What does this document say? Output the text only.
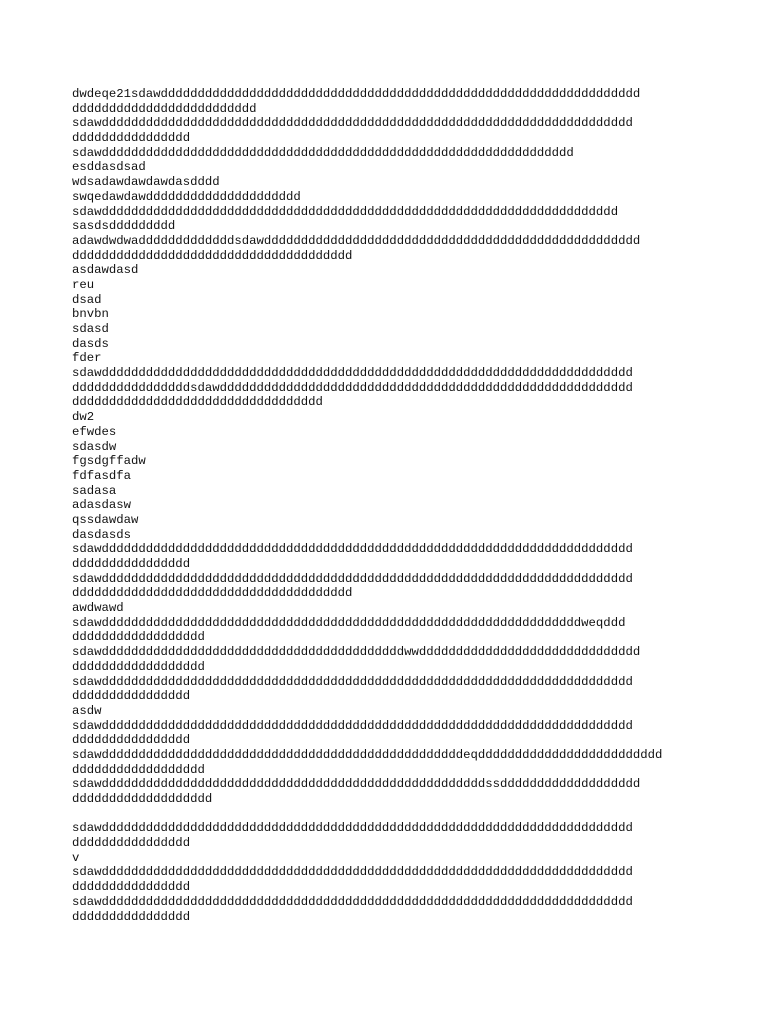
dwdeqe21sdawddddddddddddddddddddddddddddddddddddddddddddddddddddddddddddddddd
ddddddddddddddddddddddddd
sdawdddddddddddddddddddddddddddddddddddddddddddddddddddddddddddddddddddddddd
dddddddddddddddd
sdawdddddddddddddddddddddddddddddddddddddddddddddddddddddddddddddddd
esddasdsad
wdsadawdawdawdasdddd
swqedawdawddddddddddddddddddddd
sdawdddddddddddddddddddddddddddddddddddddddddddddddddddddddddddddddddddddd
sasdsddddddddd
adawdwdwadddddddddddddsdawddddddddddddddddddddddddddddddddddddddddddddddddddd
dddddddddddddddddddddddddddddddddddddd
asdawdasd
reu
dsad
bnvbn
sdasd
dasds
fder
sdawdddddddddddddddddddddddddddddddddddddddddddddddddddddddddddddddddddddddd
ddddddddddddddddsdawdddddddddddddddddddddddddddddddddddddddddddddddddddddddd
dddddddddddddddddddddddddddddddddd
dw2
efwdes
sdasdw
fgsdgffadw
fdfasdfa
sadasa
adasdasw
qssdawdaw
dasdasds
sdawdddddddddddddddddddddddddddddddddddddddddddddddddddddddddddddddddddddddd
dddddddddddddddd
sdawdddddddddddddddddddddddddddddddddddddddddddddddddddddddddddddddddddddddd
dddddddddddddddddddddddddddddddddddddd
awdwawd
sdawdddddddddddddddddddddddddddddddddddddddddddddddddddddddddddddddddweqddd
dddddddddddddddddd
sdawdddddddddddddddddddddddddddddddddddddddddwwdddddddddddddddddddddddddddddd
dddddddddddddddddd
sdawdddddddddddddddddddddddddddddddddddddddddddddddddddddddddddddddddddddddd
dddddddddddddddd
asdw
sdawdddddddddddddddddddddddddddddddddddddddddddddddddddddddddddddddddddddddd
dddddddddddddddd
sdawdddddddddddddddddddddddddddddddddddddddddddddddddeqddddddddddddddddddddddddd
dddddddddddddddddd
sdawddddddddddddddddddddddddddddddddddddddddddddddddddddssddddddddddddddddddd
ddddddddddddddddddd
sdawdddddddddddddddddddddddddddddddddddddddddddddddddddddddddddddddddddddddd
dddddddddddddddd
v
sdawdddddddddddddddddddddddddddddddddddddddddddddddddddddddddddddddddddddddd
dddddddddddddddd
sdawdddddddddddddddddddddddddddddddddddddddddddddddddddddddddddddddddddddddd
dddddddddddddddd
